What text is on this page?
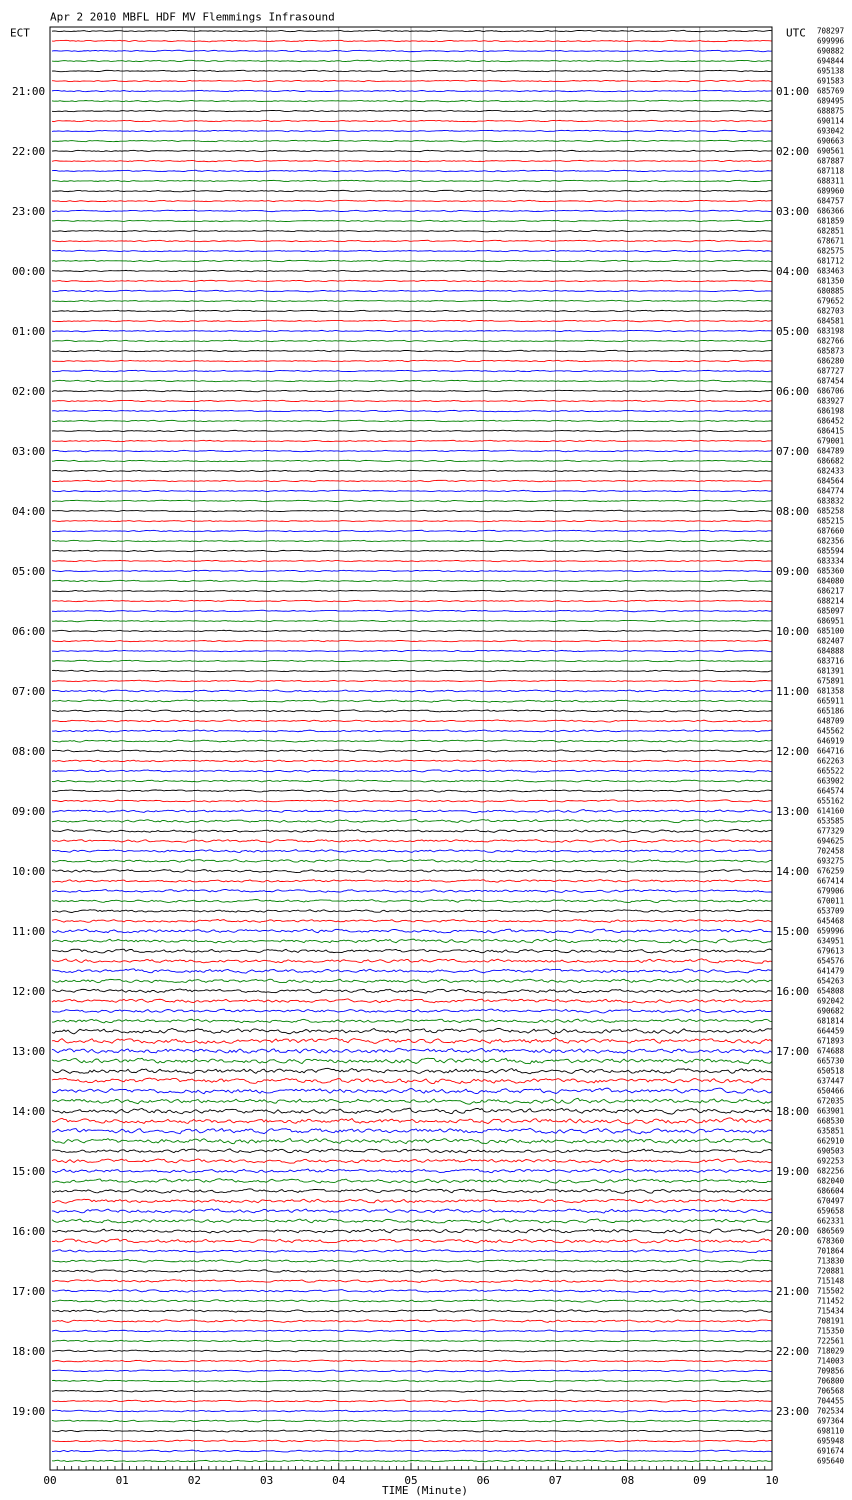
Apr 2 2010 MBFL HDF MV Flemmings Infrasound
ECT	UTC
21:00
22:00
23:00
00:00
01:00
02:00
03:00
04:00
05:00
06:00
07:00
08:00
09:00
10:00
11:00
12:00
13:00
14:00
15:00
16:00
17:00
18:00
19:00
01:00
02:00
03:00
04:00
05:00
06:00
07:00
08:00
09:00
10:00
11:00
12:00
13:00
14:00
15:00
16:00
17:00
18:00
19:00
20:00
21:00
22:00
23:00
708297
699996
690882
694844
695138
691583
685769
689495
688875
690114
693042
690663
690561
687887
687118
688311
689960
684757
686366
681859
682851
678671
682575
681712
683463
681350
680885
679652
682703
684581
683198
682766
685873
686280
687727
687454
686706
683927
686198
686452
686415
679001
684789
686682
682433
684564
684774
683832
685258
685215
687660
682356
685594
683334
685360
684080
686217
688214
685097
686951
685100
682407
684888
683716
681391
675891
681358
665911
665186
648709
645562
646919
664716
662263
665522
663902
664574
655162
614160
653585
677329
694625
702458
693275
676259
667414
679906
670011
653709
645468
659996
634951
679613
654576
641479
654263
654808
692042
690682
681814
664459
671893
674688
665730
650518
637447
650466
672035
663901
668530
635851
662910
690503
692253
682256
682040
686604
670497
659658
662331
686569
678360
701864
713830
720881
715148
715502
711452
715434
708191
715350
722561
718029
714003
709856
706800
706568
704455
702534
697364
698110
695948
691674
695640
00	01	02	03	04	05	06	07	08	09	10
TIME (Minute)
